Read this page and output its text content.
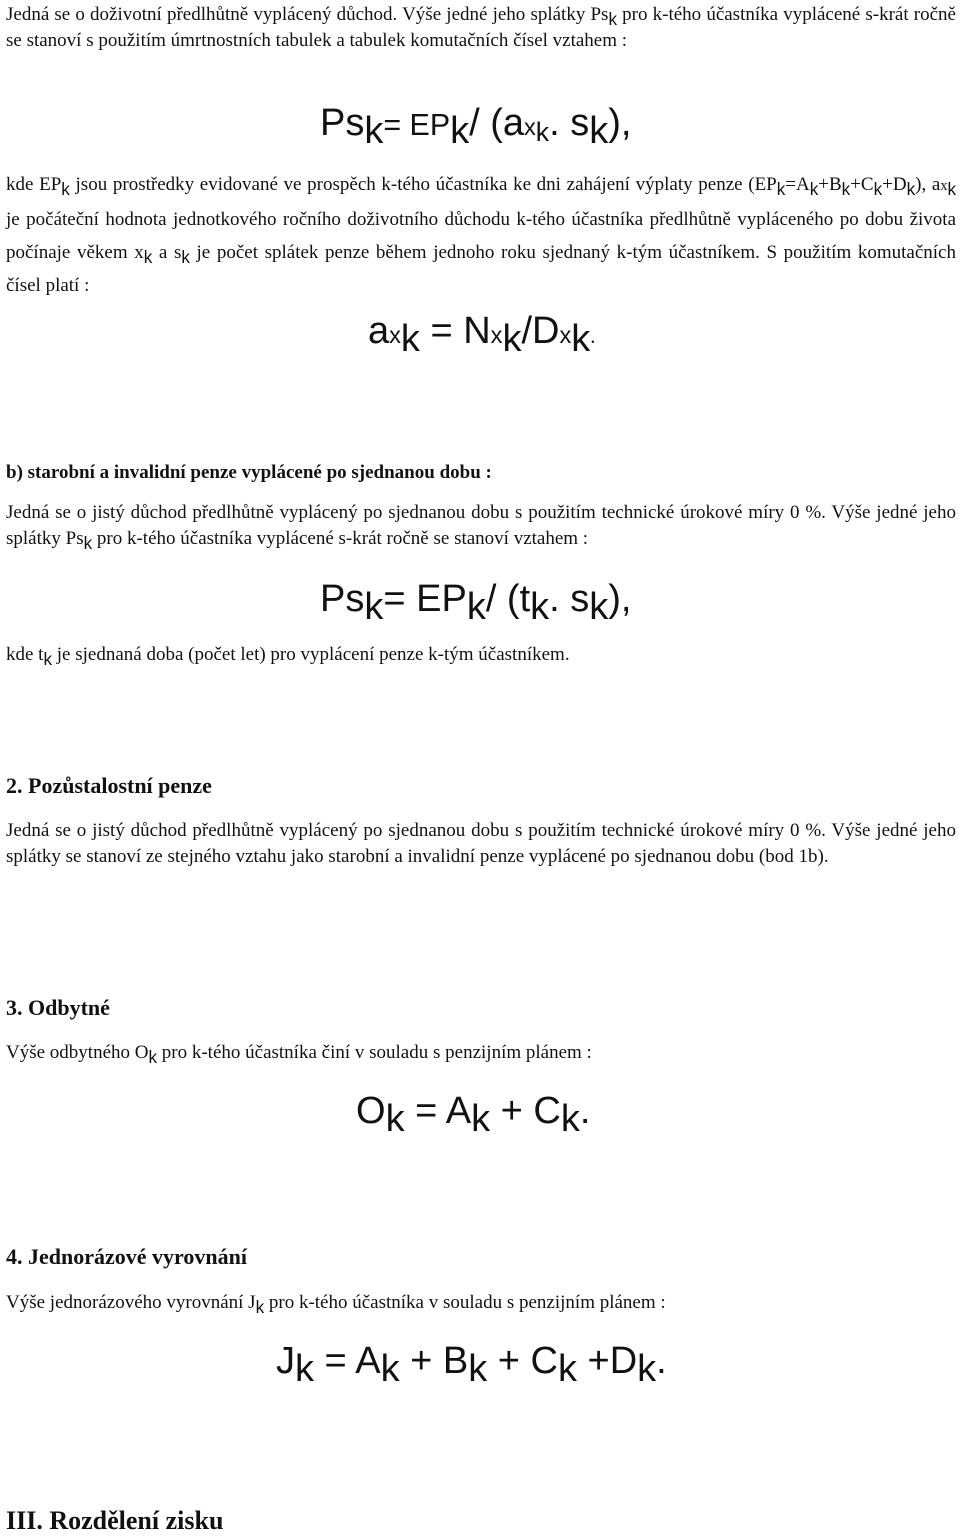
Jedná se o doživotní předlhůtně vyplácený důchod. Výše jedné jeho splátky Psk pro k-tého účastníka vyplácené s-krát ročně se stanoví s použitím úmrtnostních tabulek a tabulek komutačních čísel vztahem :

Psk= EPk/ (axk. sk),

kde EPk jsou prostředky evidované ve prospěch k-tého účastníka ke dni zahájení výplaty penze (EPk=Ak+Bk+Ck+Dk), axk je počáteční hodnota jednotkového ročního doživotního důchodu k-tého účastníka předlhůtně vypláceného po dobu života počínaje věkem xk a sk je počet splátek penze během jednoho roku sjednaný k-tým účastníkem. S použitím komutačních čísel platí :

axk = Nxk/Dxk.
b) starobní a invalidní penze vyplácené po sjednanou dobu :

Jedná se o jistý důchod předlhůtně vyplácený po sjednanou dobu s použitím technické úrokové míry 0 %. Výše jedné jeho splátky Psk pro k-tého účastníka vyplácené s-krát ročně se stanoví vztahem :

Psk= EPk/ (tk. sk),

kde tk je sjednaná doba (počet let) pro vyplácení penze k-tým účastníkem.

2. Pozůstalostní penze

Jedná se o jistý důchod předlhůtně vyplácený po sjednanou dobu s použitím technické úrokové míry 0 %. Výše jedné jeho splátky se stanoví ze stejného vztahu jako starobní a invalidní penze vyplácené po sjednanou dobu (bod 1b).

3. Odbytné

Výše odbytného Ok pro k-tého účastníka činí v souladu s penzijním plánem :

Ok = Ak + Ck.
4. Jednorázové vyrovnání

Výše jednorázového vyrovnání Jk pro k-tého účastníka v souladu s penzijním plánem :

Jk = Ak + Bk + Ck +Dk.
III. Rozdělení zisku
